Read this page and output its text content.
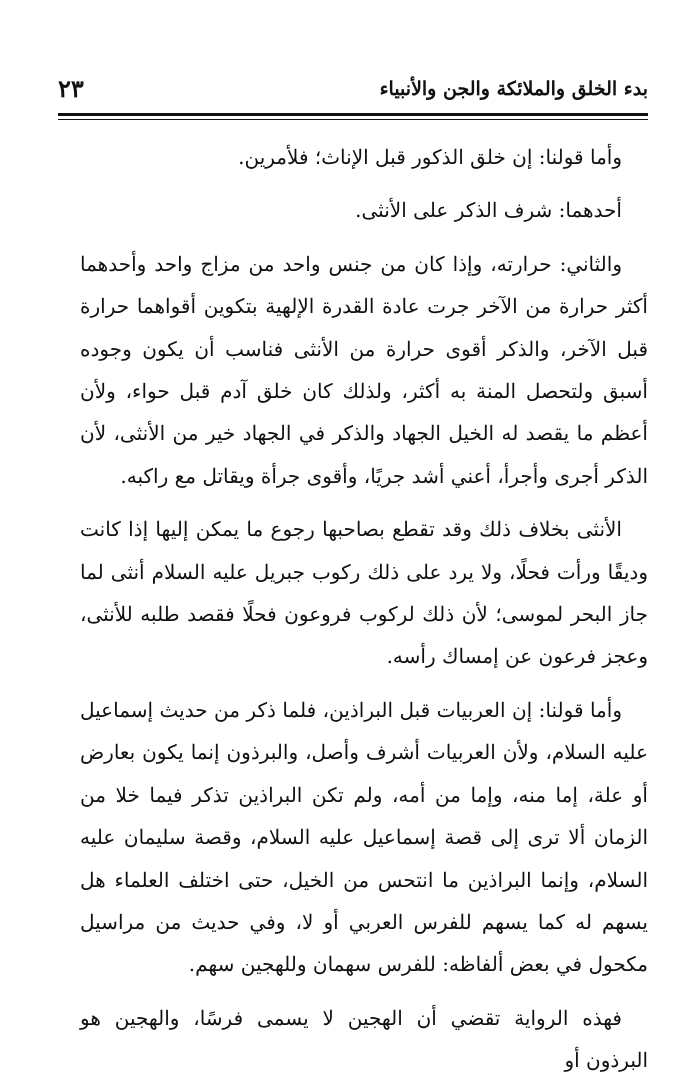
بدء الخلق والملائكة والجن والأنبياء
٢٣

وأما قولنا: إن خلق الذكور قبل الإناث؛ فلأمرين.

أحدهما: شرف الذكر على الأنثى.

والثاني: حرارته، وإذا كان من جنس واحد من مزاج واحد وأحدهما أكثر حرارة من الآخر جرت عادة القدرة الإلهية بتكوين أقواهما حرارة قبل الآخر، والذكر أقوى حرارة من الأنثى فناسب أن يكون وجوده أسبق ولتحصل المنة به أكثر، ولذلك كان خلق آدم قبل حواء، ولأن أعظم ما يقصد له الخيل الجهاد والذكر في الجهاد خير من الأنثى، لأن الذكر أجرى وأجرأ، أعني أشد جريًا، وأقوى جرأة ويقاتل مع راكبه.

الأنثى بخلاف ذلك وقد تقطع بصاحبها رجوع ما يمكن إليها إذا كانت وديقًا ورأت فحلًا، ولا يرد على ذلك ركوب جبريل عليه السلام أنثى لما جاز البحر لموسى؛ لأن ذلك لركوب فروعون فحلًا فقصد طلبه للأنثى، وعجز فرعون عن إمساك رأسه.

وأما قولنا: إن العربيات قبل البراذين، فلما ذكر من حديث إسماعيل عليه السلام، ولأن العربيات أشرف وأصل، والبرذون إنما يكون بعارض أو علة، إما منه، وإما من أمه، ولم تكن البراذين تذكر فيما خلا من الزمان ألا ترى إلى قصة إسماعيل عليه السلام، وقصة سليمان عليه السلام، وإنما البراذين ما انتحس من الخيل، حتى اختلف العلماء هل يسهم له كما يسهم للفرس العربي أو لا، وفي حديث من مراسيل مكحول في بعض ألفاظه: للفرس سهمان وللهجين سهم.

فهذه الرواية تقضي أن الهجين لا يسمى فرسًا، والهجين هو البرذون أو
